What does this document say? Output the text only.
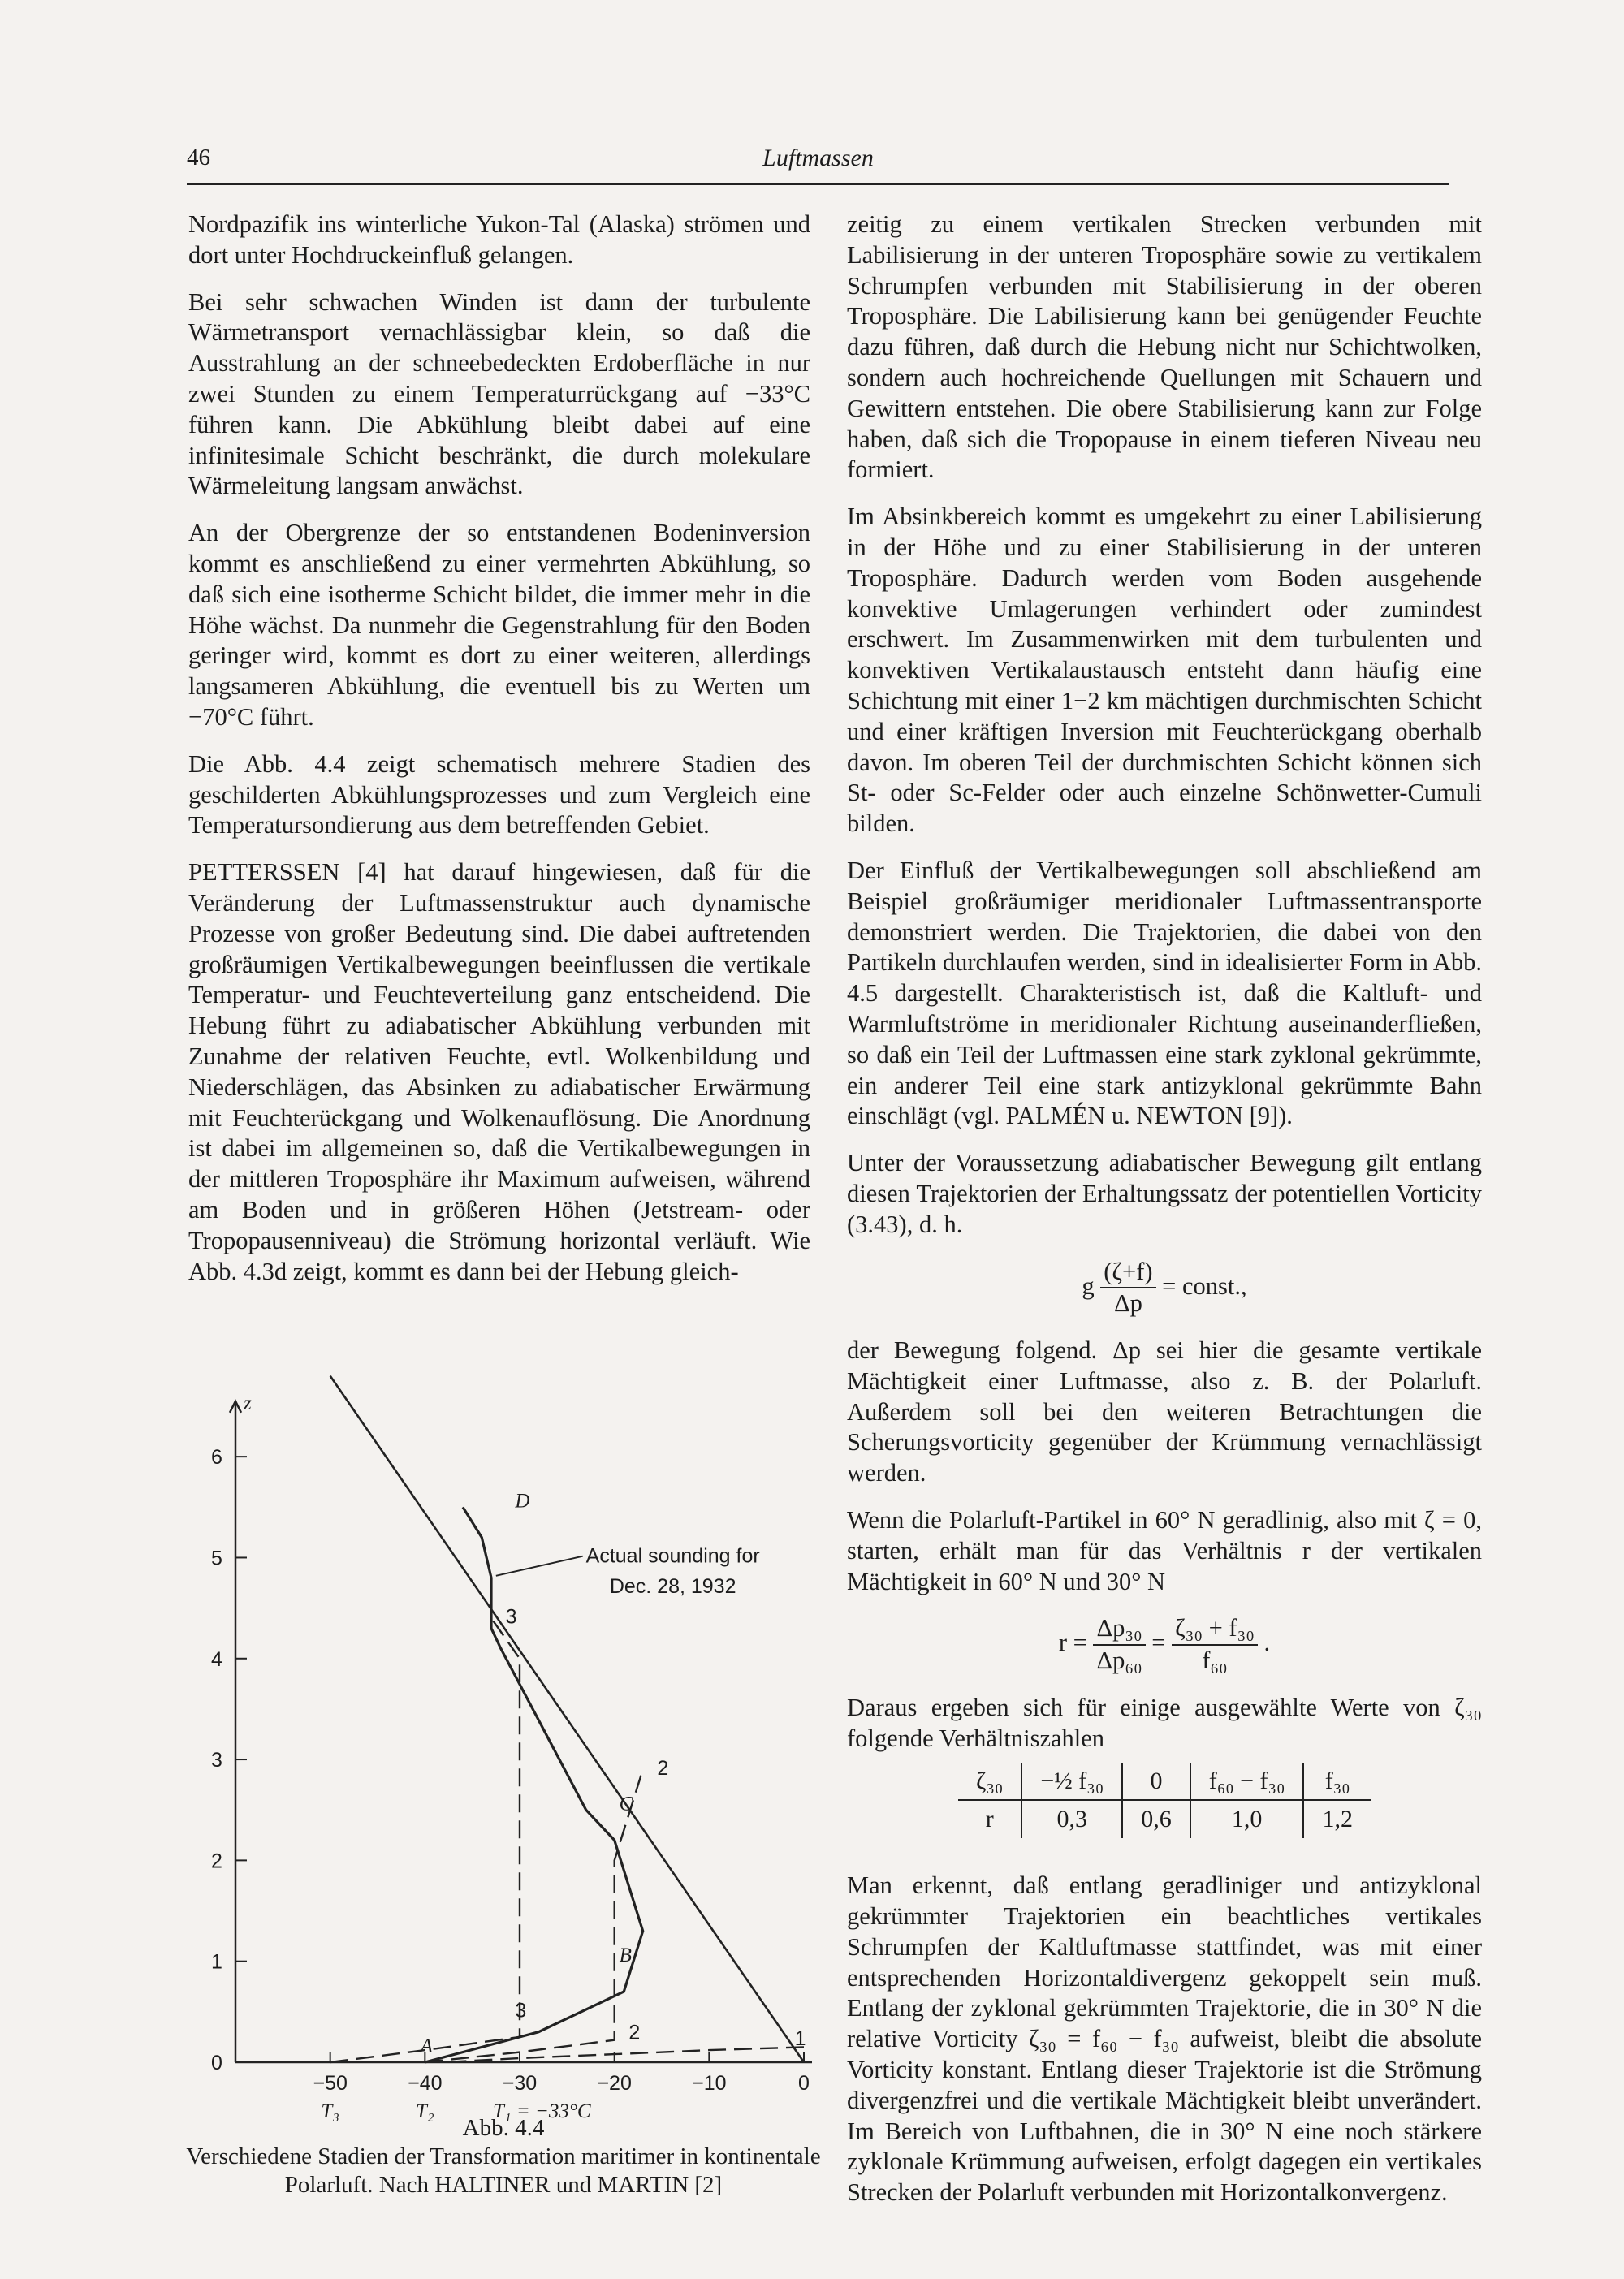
46	Luftmassen

Nordpazifik ins winterliche Yukon-Tal (Alaska) strömen und dort unter Hochdruckeinfluß gelangen.

Bei sehr schwachen Winden ist dann der turbulente Wärmetransport vernachlässigbar klein, so daß die Ausstrahlung an der schneebedeckten Erdoberfläche in nur zwei Stunden zu einem Temperaturrückgang auf −33°C führen kann. Die Abkühlung bleibt dabei auf eine infinitesimale Schicht beschränkt, die durch molekulare Wärmeleitung langsam anwächst.

An der Obergrenze der so entstandenen Bodeninversion kommt es anschließend zu einer vermehrten Abkühlung, so daß sich eine isotherme Schicht bildet, die immer mehr in die Höhe wächst. Da nunmehr die Gegenstrahlung für den Boden geringer wird, kommt es dort zu einer weiteren, allerdings langsameren Abkühlung, die eventuell bis zu Werten um −70°C führt.

Die Abb. 4.4 zeigt schematisch mehrere Stadien des geschilderten Abkühlungsprozesses und zum Vergleich eine Temperatursondierung aus dem betreffenden Gebiet.

PETTERSSEN [4] hat darauf hingewiesen, daß für die Veränderung der Luftmassenstruktur auch dynamische Prozesse von großer Bedeutung sind. Die dabei auftretenden großräumigen Vertikalbewegungen beeinflussen die vertikale Temperatur- und Feuchteverteilung ganz entscheidend. Die Hebung führt zu adiabatischer Abkühlung verbunden mit Zunahme der relativen Feuchte, evtl. Wolkenbildung und Niederschlägen, das Absinken zu adiabatischer Erwärmung mit Feuchterückgang und Wolkenauflösung. Die Anordnung ist dabei im allgemeinen so, daß die Vertikalbewegungen in der mittleren Troposphäre ihr Maximum aufweisen, während am Boden und in größeren Höhen (Jetstream- oder Tropopausenniveau) die Strömung horizontal verläuft. Wie Abb. 4.3d zeigt, kommt es dann bei der Hebung gleich-

zeitig zu einem vertikalen Strecken verbunden mit Labilisierung in der unteren Troposphäre sowie zu vertikalem Schrumpfen verbunden mit Stabilisierung in der oberen Troposphäre. Die Labilisierung kann bei genügender Feuchte dazu führen, daß durch die Hebung nicht nur Schichtwolken, sondern auch hochreichende Quellungen mit Schauern und Gewittern entstehen. Die obere Stabilisierung kann zur Folge haben, daß sich die Tropopause in einem tieferen Niveau neu formiert.

Im Absinkbereich kommt es umgekehrt zu einer Labilisierung in der Höhe und zu einer Stabilisierung in der unteren Troposphäre. Dadurch werden vom Boden ausgehende konvektive Umlagerungen verhindert oder zumindest erschwert. Im Zusammenwirken mit dem turbulenten und konvektiven Vertikalaustausch entsteht dann häufig eine Schichtung mit einer 1−2 km mächtigen durchmischten Schicht und einer kräftigen Inversion mit Feuchterückgang oberhalb davon. Im oberen Teil der durchmischten Schicht können sich St- oder Sc-Felder oder auch einzelne Schönwetter-Cumuli bilden.

Der Einfluß der Vertikalbewegungen soll abschließend am Beispiel großräumiger meridionaler Luftmassentransporte demonstriert werden. Die Trajektorien, die dabei von den Partikeln durchlaufen werden, sind in idealisierter Form in Abb. 4.5 dargestellt. Charakteristisch ist, daß die Kaltluft- und Warmluftströme in meridionaler Richtung auseinanderfließen, so daß ein Teil der Luftmassen eine stark zyklonal gekrümmte, ein anderer Teil eine stark antizyklonal gekrümmte Bahn einschlägt (vgl. PALMÉN u. NEWTON [9]).

Unter der Voraussetzung adiabatischer Bewegung gilt entlang diesen Trajektorien der Erhaltungssatz der potentiellen Vorticity (3.43), d. h.

g $\frac{(\zeta+f)}{\Delta p}$ = const.,

der Bewegung folgend. Δp sei hier die gesamte vertikale Mächtigkeit einer Luftmasse, also z. B. der Polarluft. Außerdem soll bei den weiteren Betrachtungen die Scherungsvorticity gegenüber der Krümmung vernachlässigt werden.

Wenn die Polarluft-Partikel in 60° N geradlinig, also mit ζ = 0, starten, erhält man für das Verhältnis r der vertikalen Mächtigkeit in 60° N und 30° N

$r = \frac{\text{Δp₃₀}}{\text{Δp₆₀}} = \frac{\text{ζ₃₀ + f₃₀}}{\text{f₆₀}}$ .

Daraus ergeben sich für einige ausgewählte Werte von ζ₃₀ folgende Verhältniszahlen

ζ₃₀	−½ f₃₀	0	f₆₀ − f₃₀	f₃₀
r	0,3	0,6	1,0	1,2

Man erkennt, daß entlang geradliniger und antizyklonal gekrümmter Trajektorien ein beachtliches vertikales Schrumpfen der Kaltluftmasse stattfindet, was mit einer entsprechenden Horizontaldivergenz gekoppelt sein muß. Entlang der zyklonal gekrümmten Trajektorie, die in 30° N die relative Vorticity ζ₃₀ = f₆₀ − f₃₀ aufweist, bleibt die absolute Vorticity konstant. Entlang dieser Trajektorie ist die Strömung divergenzfrei und die vertikale Mächtigkeit bleibt unverändert. Im Bereich von Luftbahnen, die in 30° N eine noch stärkere zyklonale Krümmung aufweisen, erfolgt dagegen ein vertikales Strecken der Polarluft verbunden mit Horizontalkonvergenz.

z
0
1
2
3
4
5
6
−50	−40	−30	−20	−10	0
T₃	T₂	T₁ = −33°C
A
B
C
D
1
2
3
2
3
Actual sounding for
Dec. 28, 1932
Abb. 4.4
Verschiedene Stadien der Transformation maritimer in kontinentale
Polarluft. Nach HALTINER und MARTIN [2]
